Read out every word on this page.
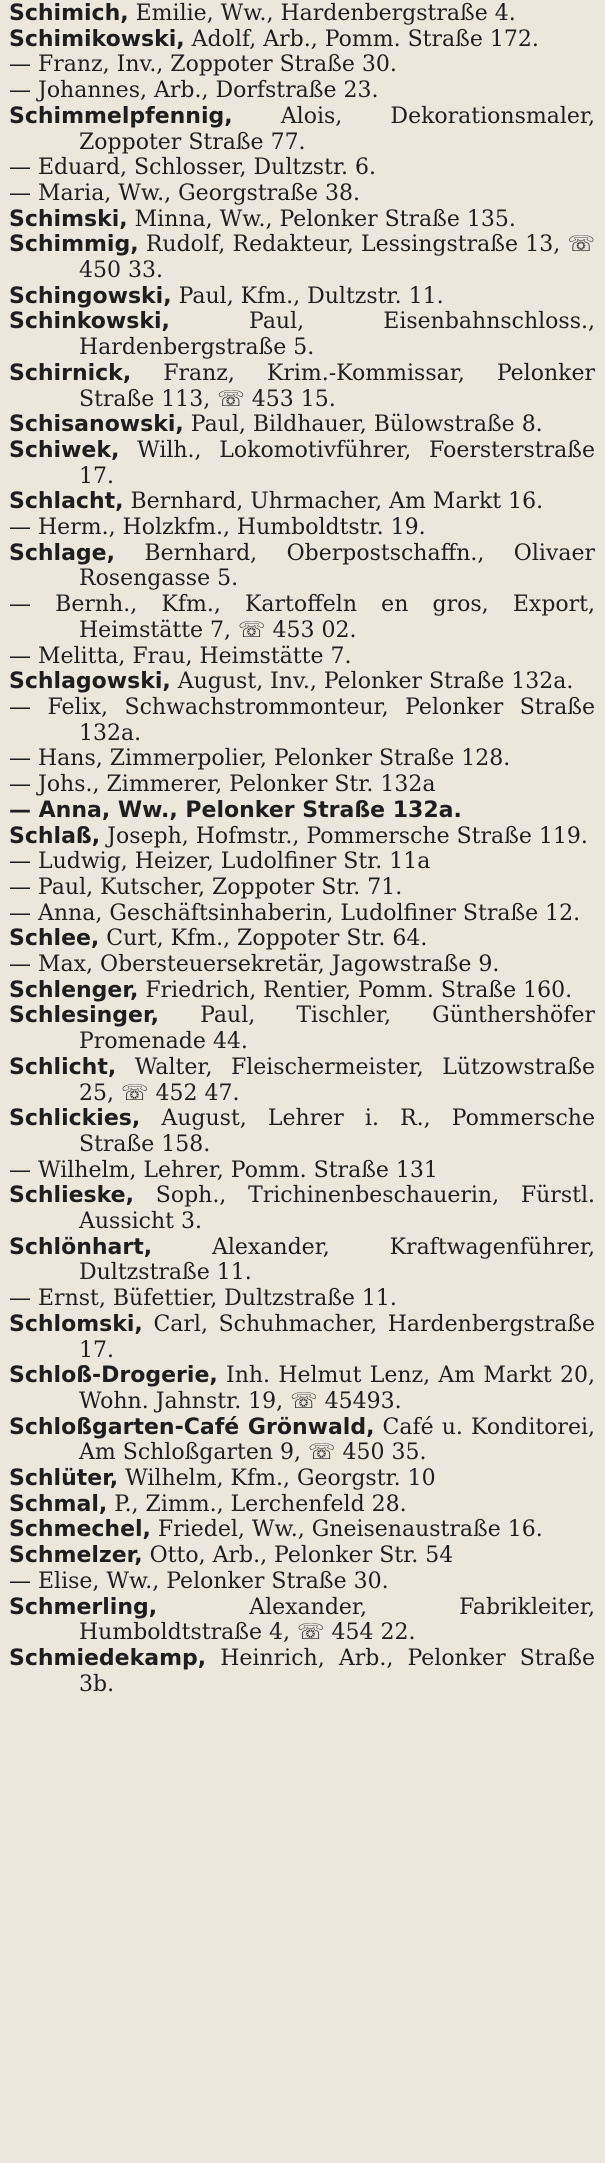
Schimich, Emilie, Ww., Hardenbergstraße 4.
Schimikowski, Adolf, Arb., Pomm. Straße 172.
— Franz, Inv., Zoppoter Straße 30.
— Johannes, Arb., Dorfstraße 23.
Schimmelpfennig, Alois, Dekorationsmaler, Zoppoter Straße 77.
— Eduard, Schlosser, Dultzstr. 6.
— Maria, Ww., Georgstraße 38.
Schimski, Minna, Ww., Pelonker Straße 135.
Schimmig, Rudolf, Redakteur, Lessingstraße 13, ☏ 450 33.
Schingowski, Paul, Kfm., Dultzstr. 11.
Schinkowski,	Paul, Eisenbahnschloss., Hardenbergstraße 5.
Schirnick, Franz, Krim.-Kommissar, Pelonker Straße 113, ☏ 453 15.
Schisanowski, Paul, Bildhauer, Bülowstraße 8.
Schiwek, Wilh., Lokomotivführer, Foersterstraße 17.
Schlacht, Bernhard, Uhrmacher, Am Markt 16.
— Herm., Holzkfm., Humboldtstr. 19.
Schlage, Bernhard, Oberpostschaffn., Olivaer Rosengasse 5.
— Bernh., Kfm., Kartoffeln en gros, Export, Heimstätte 7, ☏ 453 02.
— Melitta, Frau, Heimstätte 7.
Schlagowski, August, Inv., Pelonker Straße 132a.
— Felix, Schwachstrommonteur, Pelonker Straße 132a.
— Hans, Zimmerpolier, Pelonker Straße 128.
— Johs., Zimmerer, Pelonker Str. 132a
— Anna, Ww., Pelonker Straße 132a.
Schlaß, Joseph, Hofmstr., Pommersche Straße 119.
— Ludwig, Heizer, Ludolfiner Str. 11a
— Paul, Kutscher, Zoppoter Str. 71.
— Anna, Geschäftsinhaberin, Ludolfiner Straße 12.
Schlee, Curt, Kfm., Zoppoter Str. 64.
— Max, Obersteuersekretär, Jagowstraße 9.
Schlenger, Friedrich, Rentier, Pomm. Straße 160.
Schlesinger, Paul, Tischler, Günthershöfer Promenade 44.
Schlicht, Walter, Fleischermeister, Lützowstraße 25, ☏ 452 47.
Schlickies, August, Lehrer i. R., Pommersche Straße 158.
— Wilhelm, Lehrer, Pomm. Straße 131
Schlieske, Soph., Trichinenbeschauerin, Fürstl. Aussicht 3.
Schlönhart,	Alexander, Kraftwagenführer, Dultzstraße 11.
— Ernst, Büfettier, Dultzstraße 11.
Schlomski, Carl, Schuhmacher, Hardenbergstraße 17.
Schloß-Drogerie, Inh. Helmut Lenz, Am Markt 20, Wohn. Jahnstr. 19, ☏ 45493.
Schloßgarten-Café Grönwald, Café u. Konditorei, Am Schloßgarten 9, ☏ 450 35.
Schlüter, Wilhelm, Kfm., Georgstr. 10
Schmal, P., Zimm., Lerchenfeld 28.
Schmechel, Friedel, Ww., Gneisenaustraße 16.
Schmelzer, Otto, Arb., Pelonker Str. 54
— Elise, Ww., Pelonker Straße 30.
Schmerling,	Alexander, Fabrikleiter, Humboldtstraße 4, ☏ 454 22.
Schmiedekamp, Heinrich, Arb., Pelonker Straße 3b.
